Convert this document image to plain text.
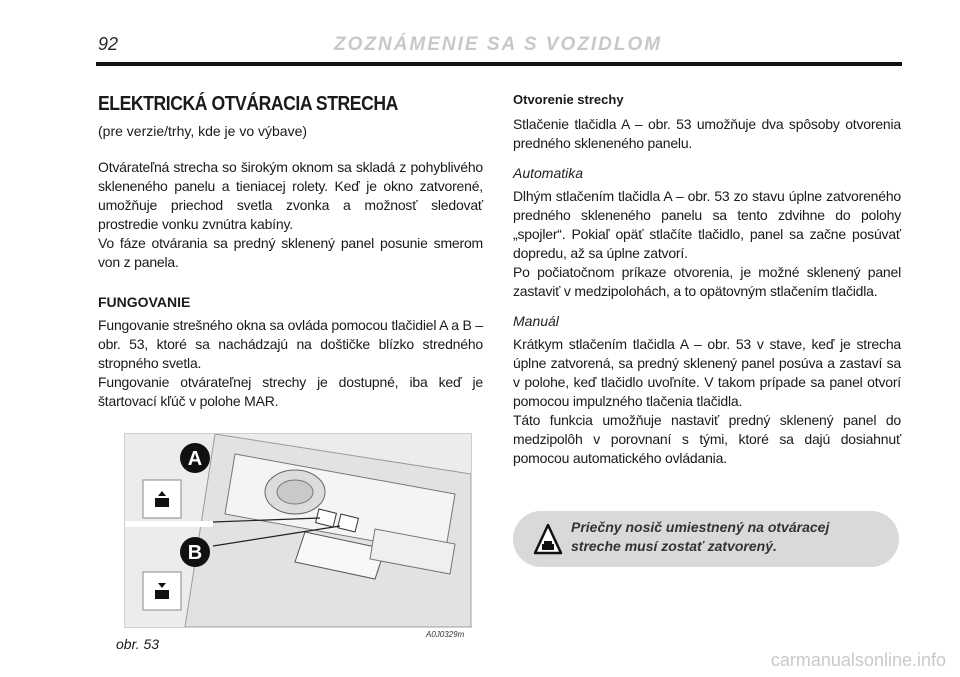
92	ZOZNÁMENIE SA S VOZIDLOM
ELEKTRICKÁ OTVÁRACIA STRECHA
(pre verzie/trhy, kde je vo výbave)

Otvárateľná strecha so širokým oknom sa skladá z pohyblivého skleneného panelu a tieniacej rolety. Keď je okno zatvorené, umožňuje priechod svetla zvonka a možnosť sledovať prostredie vonku zvnútra kabíny.

Vo fáze otvárania sa predný sklenený panel posunie smerom von z panela.

FUNGOVANIE

Fungovanie strešného okna sa ovláda pomocou tlačidiel A a B – obr. 53, ktoré sa nachádzajú na doštičke blízko stredného stropného svetla.

Fungovanie otvárateľnej strechy je dostupné, iba keď je štartovací kľúč v polohe MAR.

A
B
obr. 53
A0J0329m
Otvorenie strechy

Stlačenie tlačidla A – obr. 53 umožňuje dva spôsoby otvorenia predného skleneného panelu.

Automatika

Dlhým stlačením tlačidla A – obr. 53 zo stavu úplne zatvoreného predného skleneného panelu sa tento zdvihne do polohy „spojler“. Pokiaľ opäť stlačíte tlačidlo, panel sa začne posúvať dopredu, až sa úplne zatvorí.

Po počiatočnom príkaze otvorenia, je možné sklenený panel zastaviť v medzipolohách, a to opätovným stlačením tlačidla.

Manuál

Krátkym stlačením tlačidla A – obr. 53 v stave, keď je strecha úplne zatvorená, sa predný sklenený panel posúva a zastaví sa v polohe, keď tlačidlo uvoľníte. V takom prípade sa panel otvorí pomocou impulzného tlačenia tlačidla.

Táto funkcia umožňuje nastaviť predný sklenený panel do medzipolôh v porovnaní s tými, ktoré sa dajú dosiahnuť pomocou automatického ovládania.

Priečny nosič umiestnený na otváracej streche musí zostať zatvorený.
carmanualsonline.info
